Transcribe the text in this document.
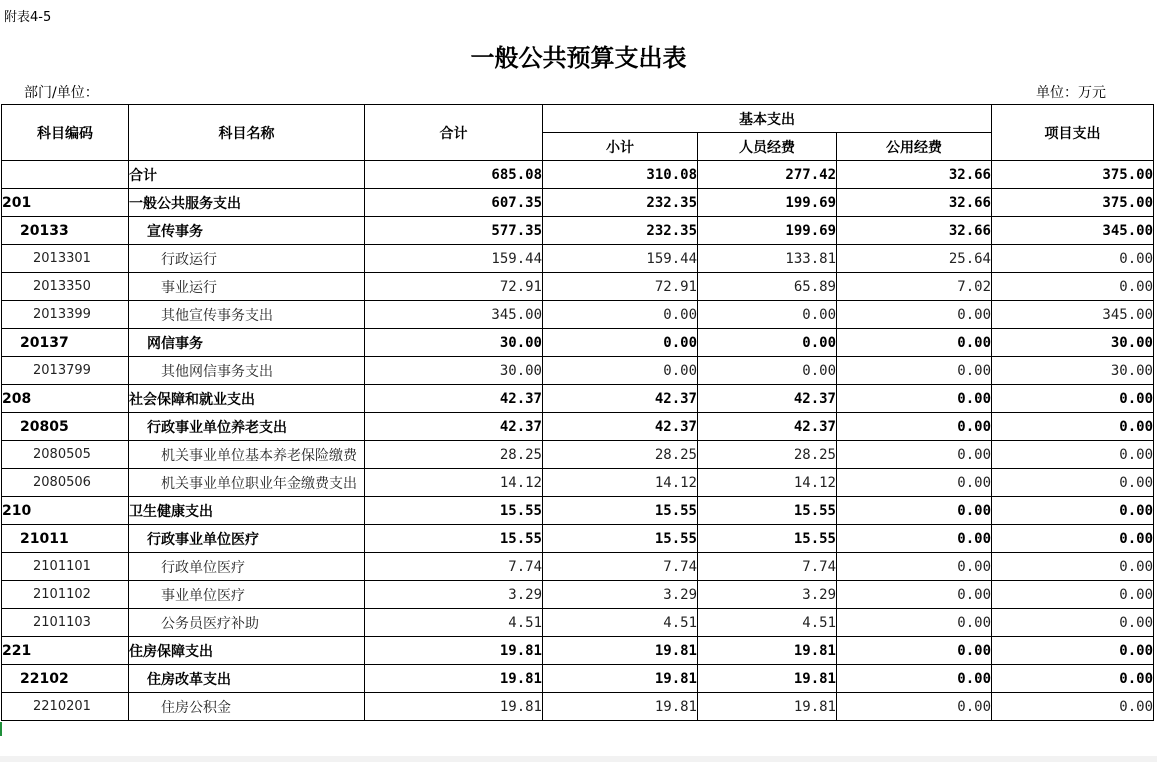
附表4-5
一般公共预算支出表
部门/单位：	单位：万元
科目编码	科目名称	合计	基本支出			项目支出
			小计	人员经费	公用经费	
	合计	685.08	310.08	277.42	32.66	375.00
201	一般公共服务支出	607.35	232.35	199.69	32.66	375.00
20133	宣传事务	577.35	232.35	199.69	32.66	345.00
2013301	行政运行	159.44	159.44	133.81	25.64	0.00
2013350	事业运行	72.91	72.91	65.89	7.02	0.00
2013399	其他宣传事务支出	345.00	0.00	0.00	0.00	345.00
20137	网信事务	30.00	0.00	0.00	0.00	30.00
2013799	其他网信事务支出	30.00	0.00	0.00	0.00	30.00
208	社会保障和就业支出	42.37	42.37	42.37	0.00	0.00
20805	行政事业单位养老支出	42.37	42.37	42.37	0.00	0.00
2080505	机关事业单位基本养老保险缴费	28.25	28.25	28.25	0.00	0.00
2080506	机关事业单位职业年金缴费支出	14.12	14.12	14.12	0.00	0.00
210	卫生健康支出	15.55	15.55	15.55	0.00	0.00
21011	行政事业单位医疗	15.55	15.55	15.55	0.00	0.00
2101101	行政单位医疗	7.74	7.74	7.74	0.00	0.00
2101102	事业单位医疗	3.29	3.29	3.29	0.00	0.00
2101103	公务员医疗补助	4.51	4.51	4.51	0.00	0.00
221	住房保障支出	19.81	19.81	19.81	0.00	0.00
22102	住房改革支出	19.81	19.81	19.81	0.00	0.00
2210201	住房公积金	19.81	19.81	19.81	0.00	0.00
